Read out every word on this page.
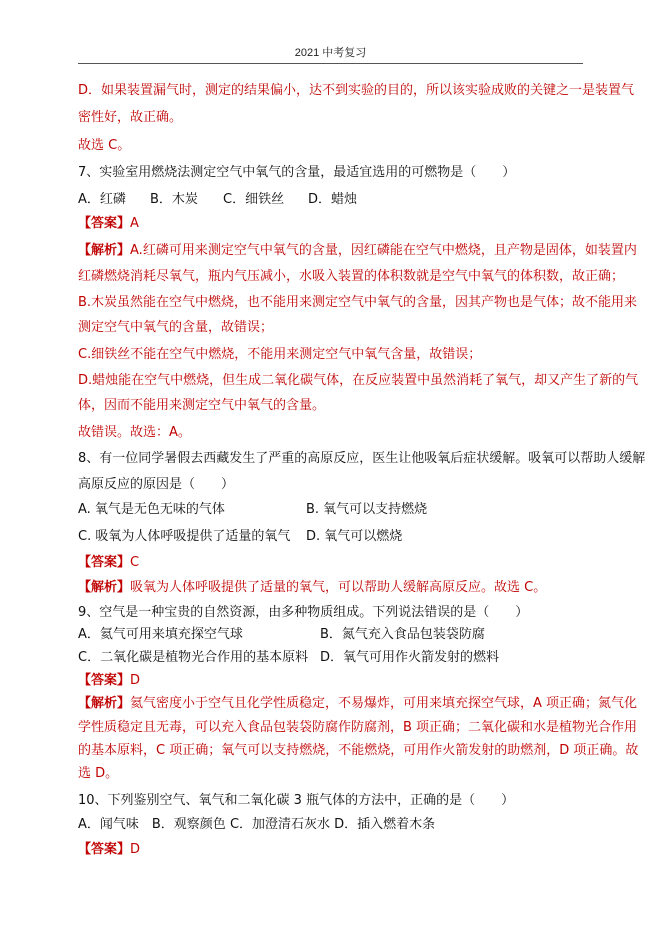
2021 中考复习
D．如果装置漏气时，测定的结果偏小，达不到实验的目的，所以该实验成败的关键之一是装置气
密性好，故正确。
故选 C。
7、实验室用燃烧法测定空气中氧气的含量，最适宜选用的可燃物是（　　）
A．红磷 B．木炭 C．细铁丝 D．蜡烛
【答案】A
【解析】A.红磷可用来测定空气中氧气的含量，因红磷能在空气中燃烧，且产物是固体，如装置内
红磷燃烧消耗尽氧气，瓶内气压减小，水吸入装置的体积数就是空气中氧气的体积数，故正确；
B.木炭虽然能在空气中燃烧，也不能用来测定空气中氧气的含量，因其产物也是气体；故不能用来
测定空气中氧气的含量，故错误；
C.细铁丝不能在空气中燃烧，不能用来测定空气中氧气含量，故错误；
D.蜡烛能在空气中燃烧，但生成二氧化碳气体，在反应装置中虽然消耗了氧气，却又产生了新的气
体，因而不能用来测定空气中氧气的含量。
故错误。故选：A。
8、有一位同学暑假去西藏发生了严重的高原反应，医生让他吸氧后症状缓解。吸氧可以帮助人缓解
高原反应的原因是（　　）
A. 氧气是无色无味的气体	B. 氧气可以支持燃烧
C. 吸氧为人体呼吸提供了适量的氧气 D. 氧气可以燃烧
【答案】C
【解析】吸氧为人体呼吸提供了适量的氧气，可以帮助人缓解高原反应。故选 C。
9、空气是一种宝贵的自然资源，由多种物质组成。下列说法错误的是（　　）
A．氦气可用来填充探空气球	B．氮气充入食品包装袋防腐
C．二氧化碳是植物光合作用的基本原料 D．氧气可用作火箭发射的燃料
【答案】D
【解析】氦气密度小于空气且化学性质稳定，不易爆炸，可用来填充探空气球，A 项正确；氮气化
学性质稳定且无毒，可以充入食品包装袋防腐作防腐剂，B 项正确；二氧化碳和水是植物光合作用
的基本原料，C 项正确；氧气可以支持燃烧，不能燃烧，可用作火箭发射的助燃剂，D 项正确。故
选 D。
10、下列鉴别空气、氧气和二氧化碳 3 瓶气体的方法中，正确的是（　　）
A．闻气味　B．观察颜色 C．加澄清石灰水 D．插入燃着木条
【答案】D
